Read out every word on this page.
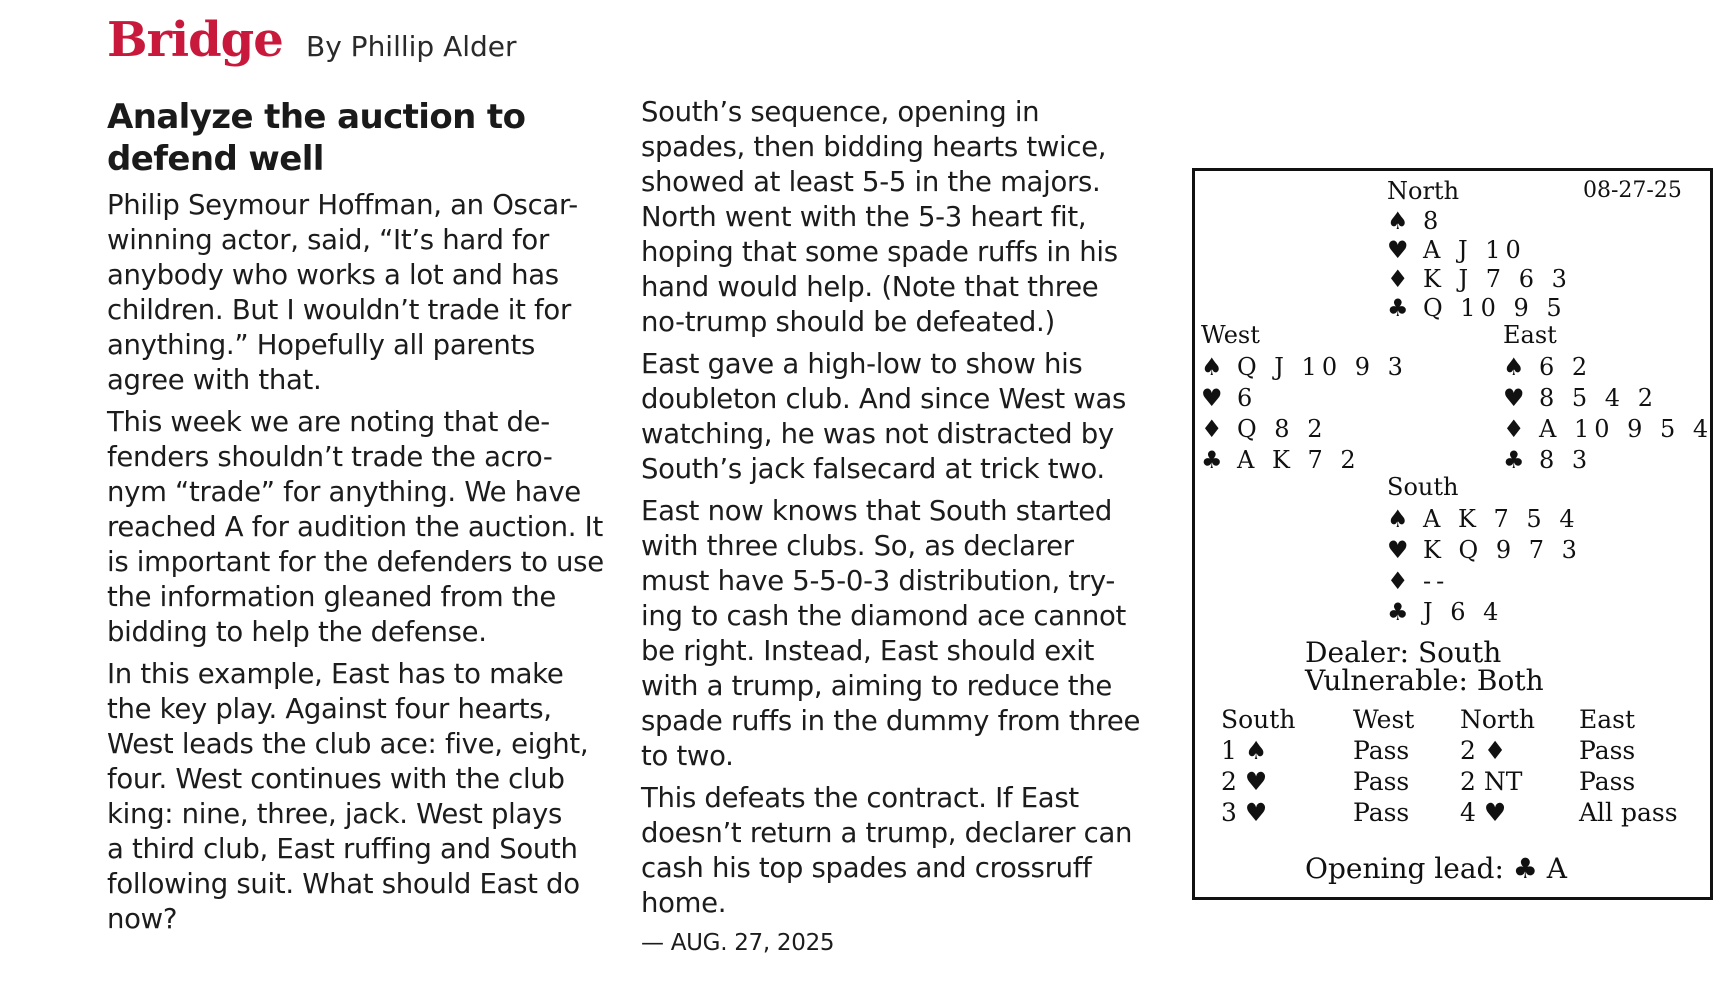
Bridge By Phillip Alder
Analyze the auction to
defend well

Philip Seymour Hoffman, an Oscar-
winning actor, said, “It’s hard for
anybody who works a lot and has
children. But I wouldn’t trade it for
anything.” Hopefully all parents
agree with that.

This week we are noting that de-
fenders shouldn’t trade the acro-
nym “trade” for anything. We have
reached A for audition the auction. It
is important for the defenders to use
the information gleaned from the
bidding to help the defense.

In this example, East has to make
the key play. Against four hearts,
West leads the club ace: five, eight,
four. West continues with the club
king: nine, three, jack. West plays
a third club, East ruffing and South
following suit. What should East do
now?

South’s sequence, opening in
spades, then bidding hearts twice,
showed at least 5-5 in the majors.
North went with the 5-3 heart fit,
hoping that some spade ruffs in his
hand would help. (Note that three
no-trump should be defeated.)

East gave a high-low to show his
doubleton club. And since West was
watching, he was not distracted by
South’s jack falsecard at trick two.

East now knows that South started
with three clubs. So, as declarer
must have 5-5-0-3 distribution, try-
ing to cash the diamond ace cannot
be right. Instead, East should exit
with a trump, aiming to reduce the
spade ruffs in the dummy from three
to two.

This defeats the contract. If East
doesn’t return a trump, declarer can
cash his top spades and crossruff
home.

— AUG. 27, 2025
North	08-27-25
♠ 8
♥ A J 10
♦ K J 7 6 3
♣ Q 10 9 5
West	East
♠ Q J 10 9 3
♥ 6
♦ Q 8 2
♣ A K 7 2
♠ 6 2
♥ 8 5 4 2
♦ A 10 9 5 4
♣ 8 3
South
♠ A K 7 5 4
♥ K Q 9 7 3
♦ --
♣ J 6 4
Dealer: South
Vulnerable: Both
South West North East
1 ♠	Pass 2 ♦	Pass
2 ♥	Pass 2 NT Pass
3 ♥	Pass 4 ♥	All pass
Opening lead: ♣ A
